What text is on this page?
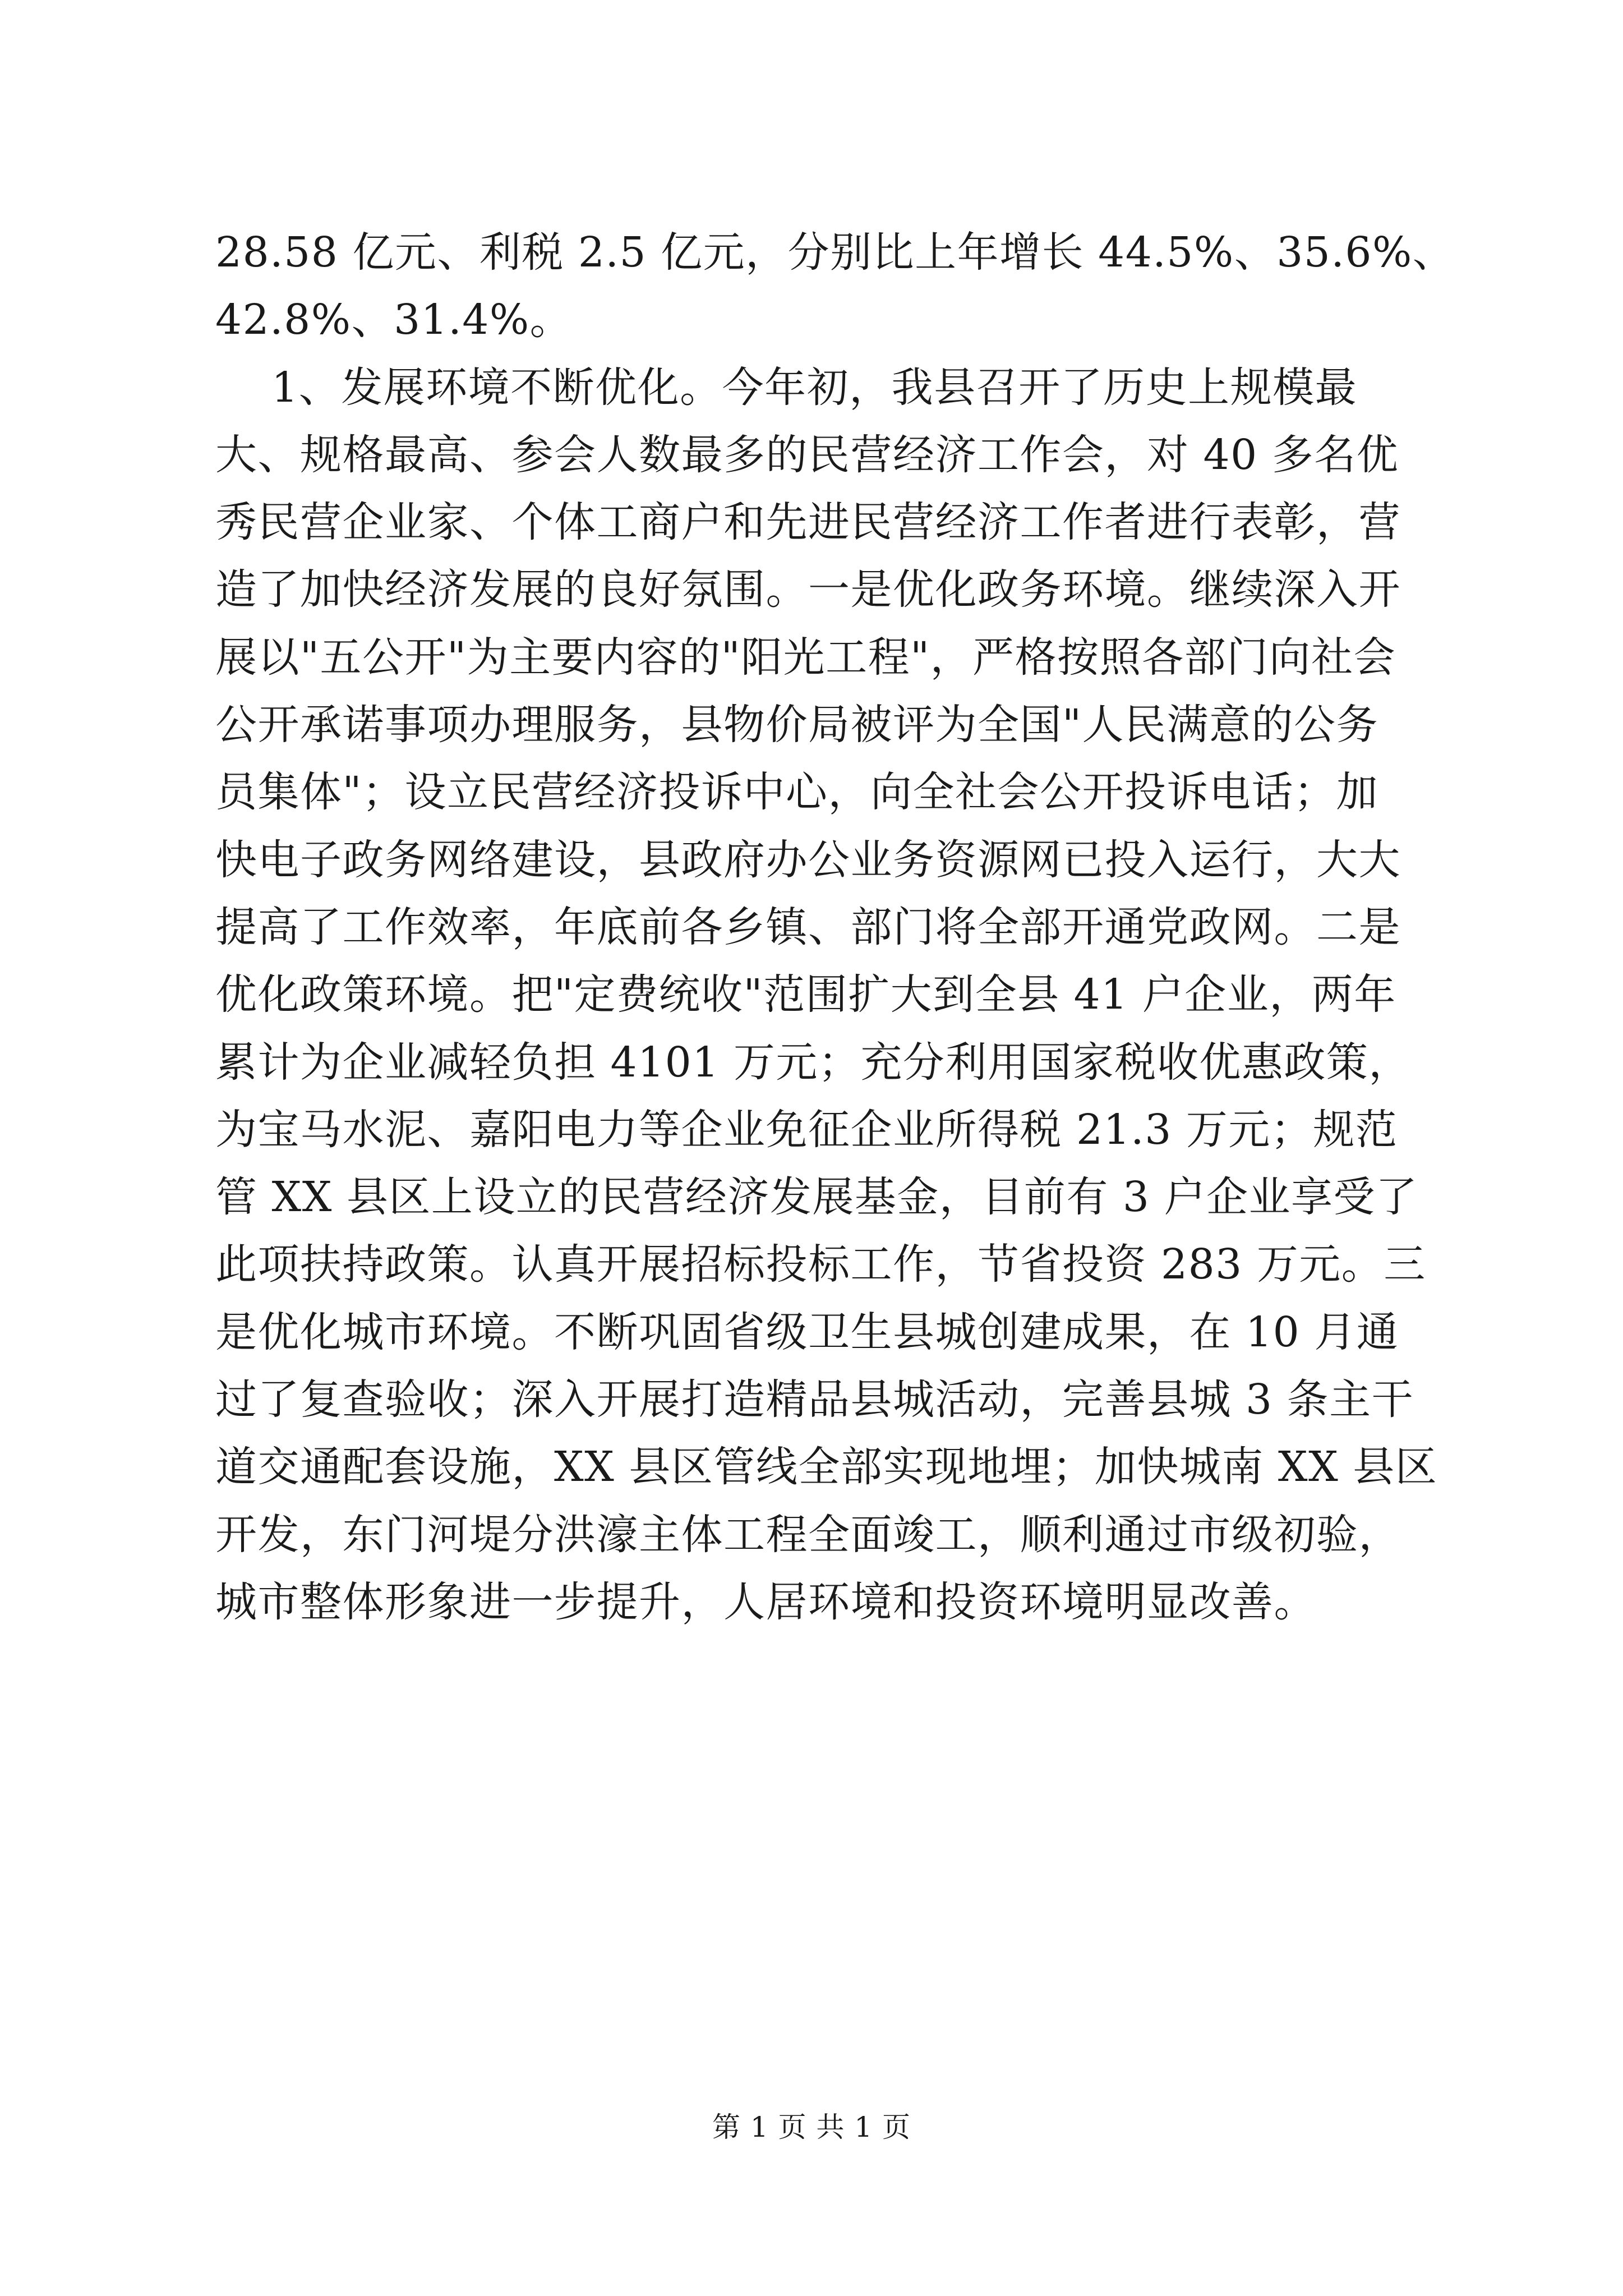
28.58 亿元、利税 2.5 亿元，分别比上年增长 44.5%、35.6%、
42.8%、31.4%。
1、发展环境不断优化。今年初，我县召开了历史上规模最
大、规格最高、参会人数最多的民营经济工作会，对 40 多名优
秀民营企业家、个体工商户和先进民营经济工作者进行表彰，营
造了加快经济发展的良好氛围。一是优化政务环境。继续深入开
展以"五公开"为主要内容的"阳光工程"，严格按照各部门向社会
公开承诺事项办理服务，县物价局被评为全国"人民满意的公务
员集体"；设立民营经济投诉中心，向全社会公开投诉电话；加
快电子政务网络建设，县政府办公业务资源网已投入运行，大大
提高了工作效率，年底前各乡镇、部门将全部开通党政网。二是
优化政策环境。把"定费统收"范围扩大到全县 41 户企业，两年
累计为企业减轻负担 4101 万元；充分利用国家税收优惠政策，
为宝马水泥、嘉阳电力等企业免征企业所得税 21.3 万元；规范
管 XX 县区上设立的民营经济发展基金，目前有 3 户企业享受了
此项扶持政策。认真开展招标投标工作，节省投资 283 万元。三
是优化城市环境。不断巩固省级卫生县城创建成果，在 10 月通
过了复查验收；深入开展打造精品县城活动，完善县城 3 条主干
道交通配套设施，XX 县区管线全部实现地埋；加快城南 XX 县区
开发，东门河堤分洪濠主体工程全面竣工，顺利通过市级初验，
城市整体形象进一步提升，人居环境和投资环境明显改善。
第 1 页 共 1 页
